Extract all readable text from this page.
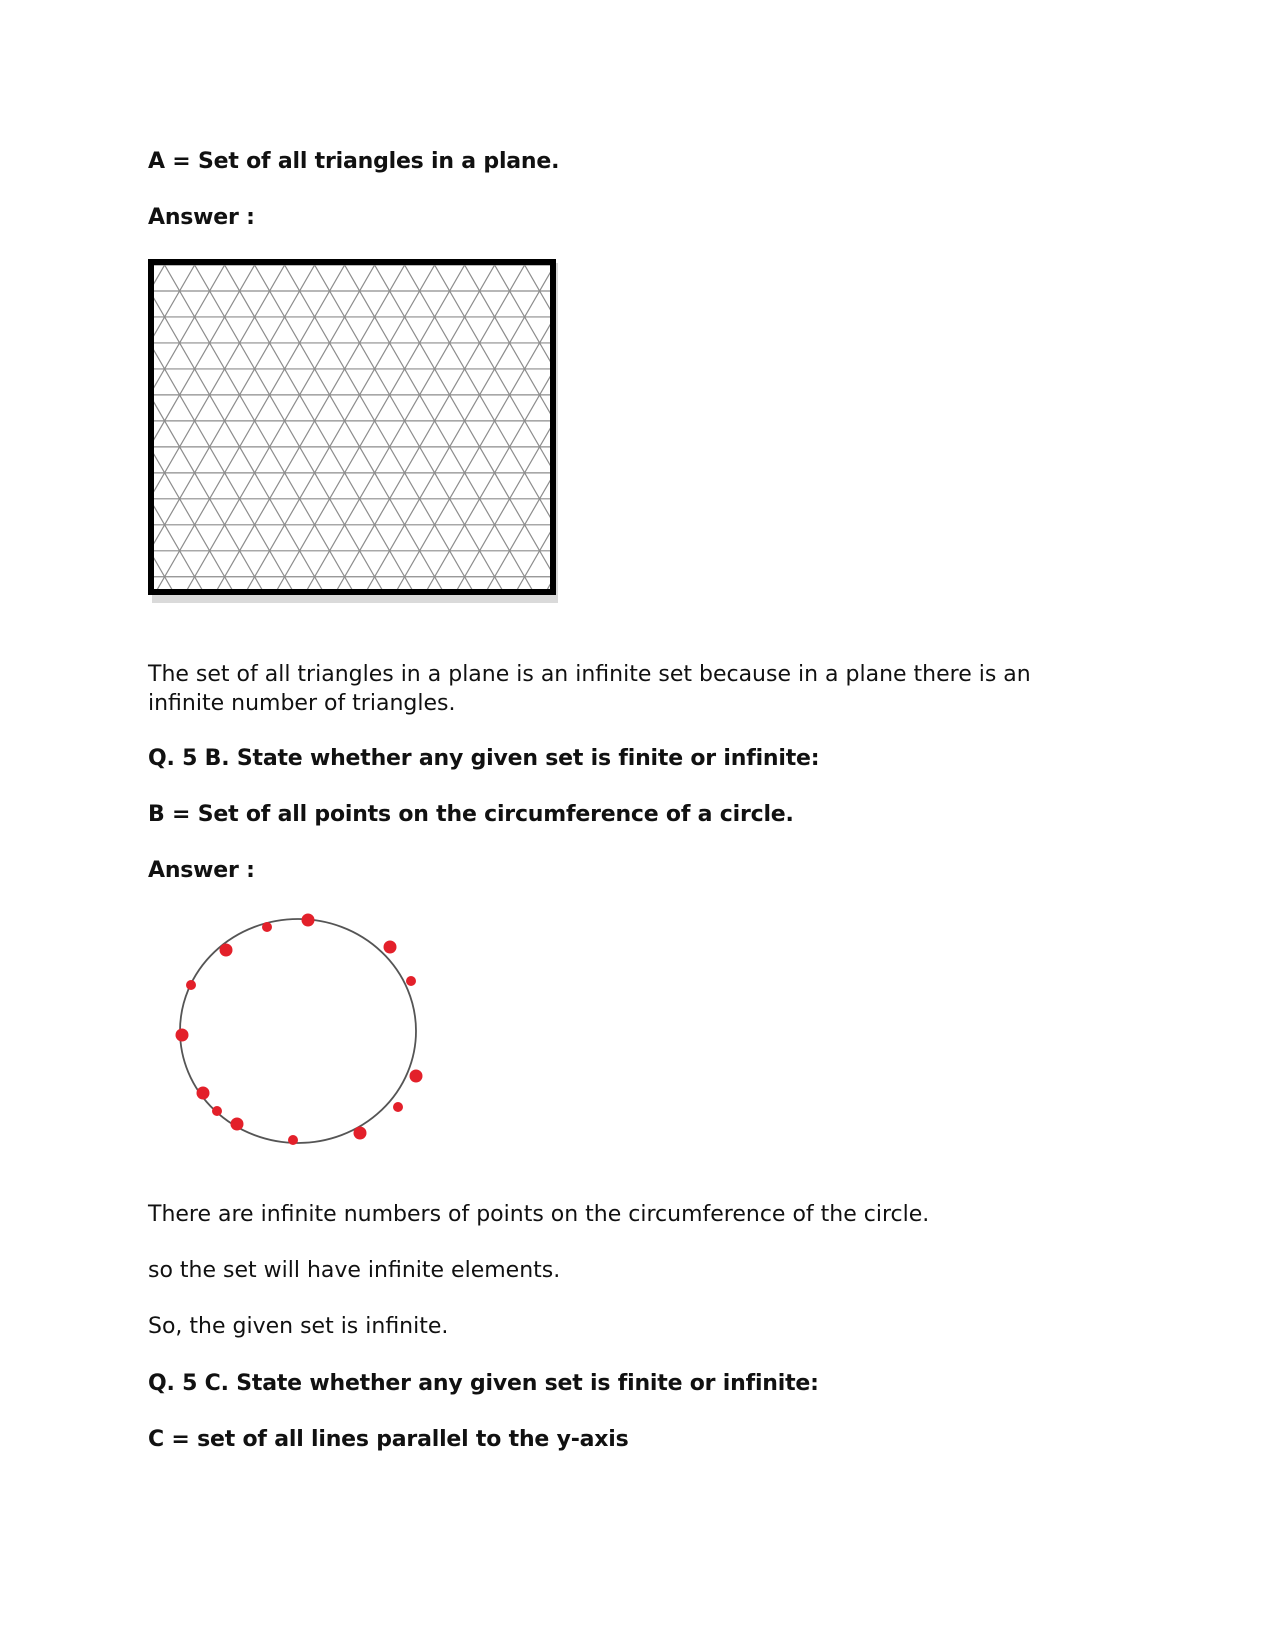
A = Set of all triangles in a plane.
Answer :
The set of all triangles in a plane is an infinite set because in a plane there is an infinite number of triangles.
Q. 5 B. State whether any given set is finite or infinite:
B = Set of all points on the circumference of a circle.
Answer :
There are infinite numbers of points on the circumference of the circle.
so the set will have infinite elements.
So, the given set is infinite.
Q. 5 C. State whether any given set is finite or infinite:
C = set of all lines parallel to the y-axis
